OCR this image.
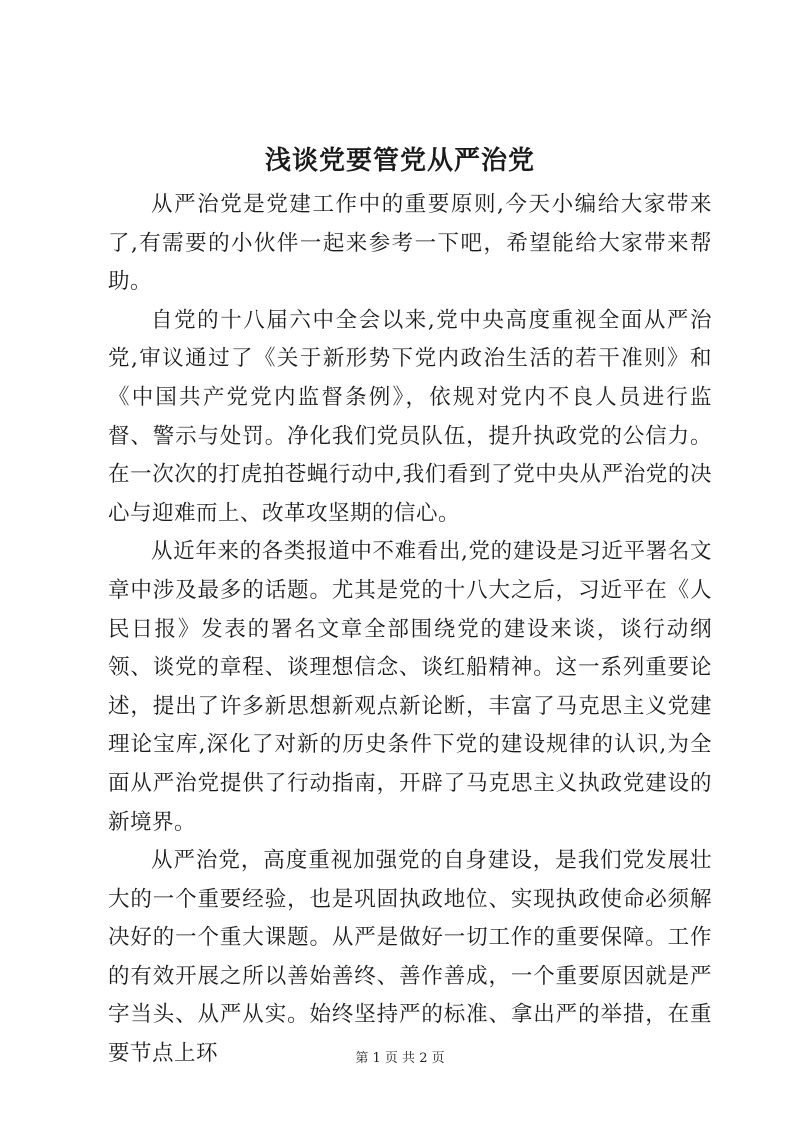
浅谈党要管党从严治党

从严治党是党建工作中的重要原则,今天小编给大家带来了,有需要的小伙伴一起来参考一下吧，希望能给大家带来帮助。

自党的十八届六中全会以来,党中央高度重视全面从严治党,审议通过了《关于新形势下党内政治生活的若干准则》和《中国共产党党内监督条例》，依规对党内不良人员进行监督、警示与处罚。净化我们党员队伍，提升执政党的公信力。在一次次的打虎拍苍蝇行动中,我们看到了党中央从严治党的决心与迎难而上、改革攻坚期的信心。

从近年来的各类报道中不难看出,党的建设是习近平署名文章中涉及最多的话题。尤其是党的十八大之后，习近平在《人民日报》发表的署名文章全部围绕党的建设来谈，谈行动纲领、谈党的章程、谈理想信念、谈红船精神。这一系列重要论述，提出了许多新思想新观点新论断，丰富了马克思主义党建理论宝库,深化了对新的历史条件下党的建设规律的认识,为全面从严治党提供了行动指南，开辟了马克思主义执政党建设的新境界。

从严治党，高度重视加强党的自身建设，是我们党发展壮大的一个重要经验，也是巩固执政地位、实现执政使命必须解决好的一个重大课题。从严是做好一切工作的重要保障。工作的有效开展之所以善始善终、善作善成，一个重要原因就是严字当头、从严从实。始终坚持严的标准、拿出严的举措，在重要节点上环	第 1 页 共 2 页
